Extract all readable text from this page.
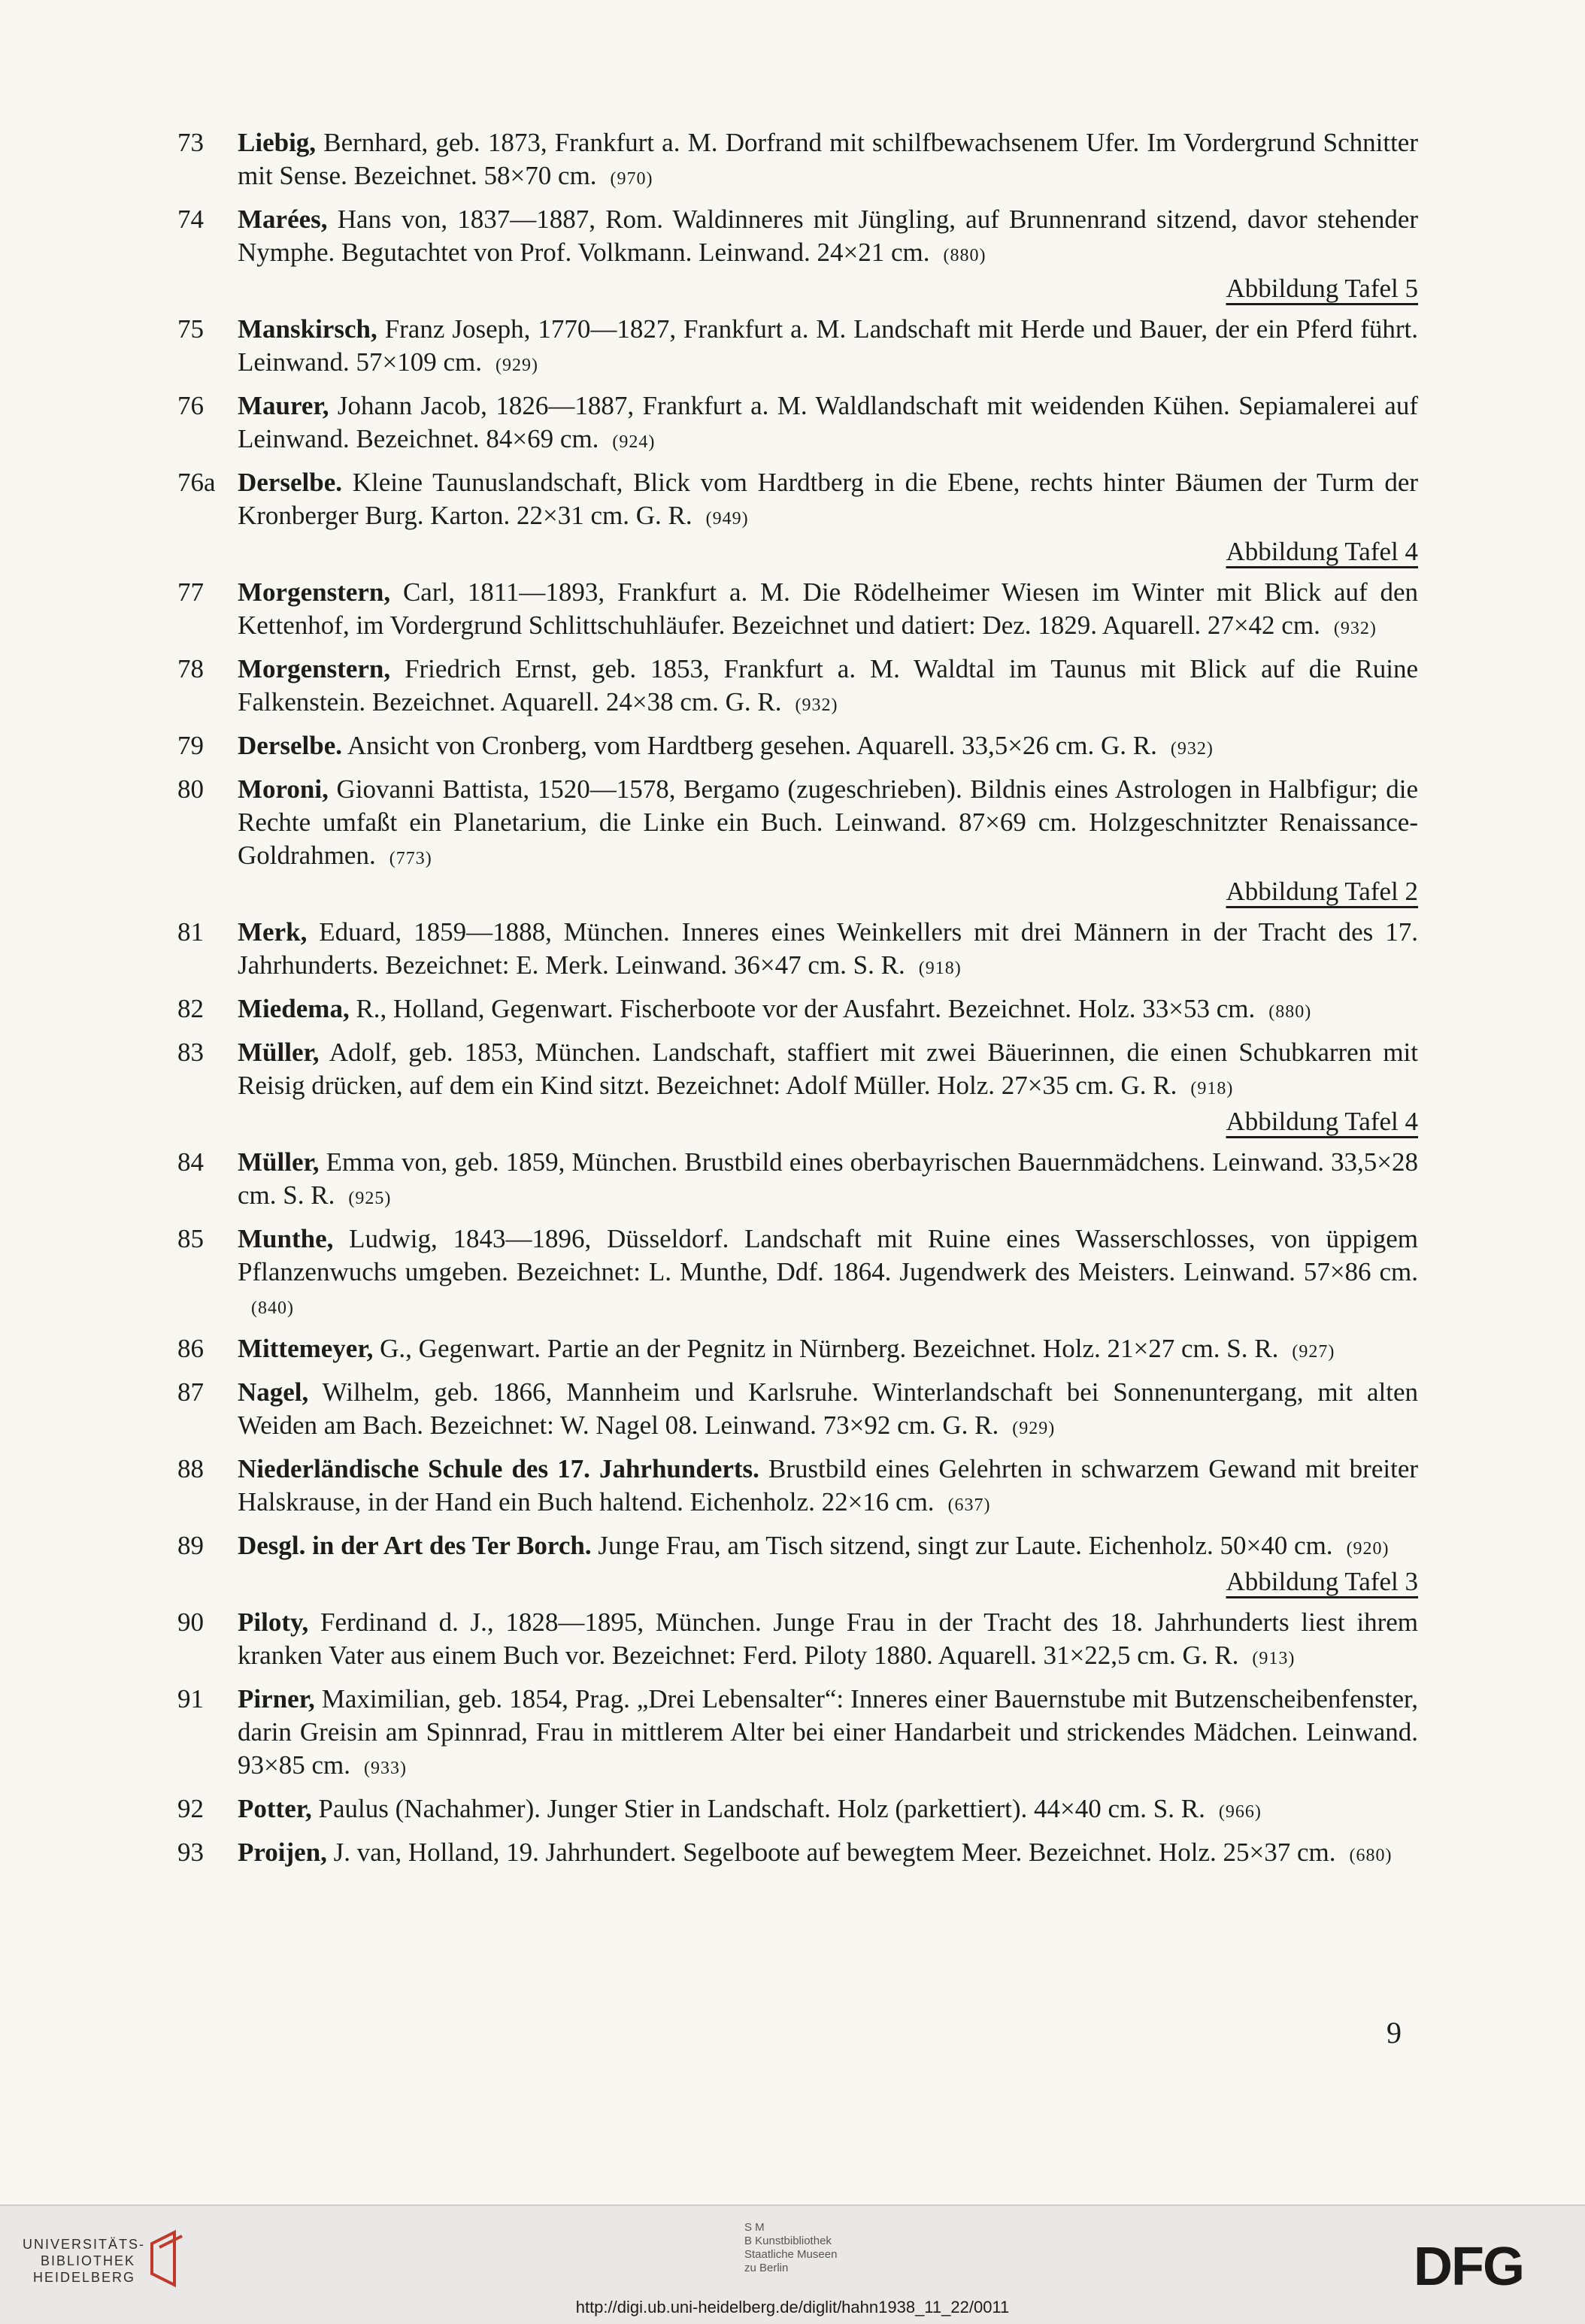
73	Liebig, Bernhard, geb. 1873, Frankfurt a. M. Dorfrand mit schilfbewachsenem Ufer. Im Vordergrund Schnitter mit Sense. Bezeichnet. 58×70 cm. (970)
74	Marées, Hans von, 1837—1887, Rom. Waldinneres mit Jüngling, auf Brunnenrand sitzend, davor stehender Nymphe. Begutachtet von Prof. Volkmann. Leinwand. 24×21 cm. (880)
Abbildung Tafel 5
75	Manskirsch, Franz Joseph, 1770—1827, Frankfurt a. M. Landschaft mit Herde und Bauer, der ein Pferd führt. Leinwand. 57×109 cm. (929)
76	Maurer, Johann Jacob, 1826—1887, Frankfurt a. M. Waldlandschaft mit weidenden Kühen. Sepiamalerei auf Leinwand. Bezeichnet. 84×69 cm. (924)
76a Derselbe. Kleine Taunuslandschaft, Blick vom Hardtberg in die Ebene, rechts hinter Bäumen der Turm der Kronberger Burg. Karton. 22×31 cm. G. R. (949)
Abbildung Tafel 4
77	Morgenstern, Carl, 1811—1893, Frankfurt a. M. Die Rödelheimer Wiesen im Winter mit Blick auf den Kettenhof, im Vordergrund Schlittschuhläufer. Bezeichnet und datiert: Dez. 1829. Aquarell. 27×42 cm. (932)
78	Morgenstern, Friedrich Ernst, geb. 1853, Frankfurt a. M. Waldtal im Taunus mit Blick auf die Ruine Falkenstein. Bezeichnet. Aquarell. 24×38 cm. G. R. (932)
79	Derselbe. Ansicht von Cronberg, vom Hardtberg gesehen. Aquarell. 33,5×26 cm. G. R. (932)
80	Moroni, Giovanni Battista, 1520—1578, Bergamo (zugeschrieben). Bildnis eines Astrologen in Halbfigur; die Rechte umfaßt ein Planetarium, die Linke ein Buch. Leinwand. 87×69 cm. Holzgeschnitzter Renaissance-Goldrahmen. (773)
Abbildung Tafel 2
81	Merk, Eduard, 1859—1888, München. Inneres eines Weinkellers mit drei Männern in der Tracht des 17. Jahrhunderts. Bezeichnet: E. Merk. Leinwand. 36×47 cm. S. R. (918)
82	Miedema, R., Holland, Gegenwart. Fischerboote vor der Ausfahrt. Bezeichnet. Holz. 33×53 cm. (880)
83	Müller, Adolf, geb. 1853, München. Landschaft, staffiert mit zwei Bäuerinnen, die einen Schubkarren mit Reisig drücken, auf dem ein Kind sitzt. Bezeichnet: Adolf Müller. Holz. 27×35 cm. G. R. (918)
Abbildung Tafel 4
84	Müller, Emma von, geb. 1859, München. Brustbild eines oberbayrischen Bauernmädchens. Leinwand. 33,5×28 cm. S. R. (925)
85	Munthe, Ludwig, 1843—1896, Düsseldorf. Landschaft mit Ruine eines Wasserschlosses, von üppigem Pflanzenwuchs umgeben. Bezeichnet: L. Munthe, Ddf. 1864. Jugendwerk des Meisters. Leinwand. 57×86 cm.(840)
86	Mittemeyer, G., Gegenwart. Partie an der Pegnitz in Nürnberg. Bezeichnet. Holz. 21×27 cm. S. R. (927)
87	Nagel, Wilhelm, geb. 1866, Mannheim und Karlsruhe. Winterlandschaft bei Sonnenuntergang, mit alten Weiden am Bach. Bezeichnet: W. Nagel 08. Leinwand. 73×92 cm. G. R. (929)
88	Niederländische Schule des 17. Jahrhunderts. Brustbild eines Gelehrten in schwarzem Gewand mit breiter Halskrause, in der Hand ein Buch haltend. Eichenholz. 22×16 cm. (637)
89	Desgl. in der Art des Ter Borch. Junge Frau, am Tisch sitzend, singt zur Laute. Eichenholz. 50×40 cm. (920)
Abbildung Tafel 3
90	Piloty, Ferdinand d. J., 1828—1895, München. Junge Frau in der Tracht des 18. Jahrhunderts liest ihrem kranken Vater aus einem Buch vor. Bezeichnet: Ferd. Piloty 1880. Aquarell. 31×22,5 cm. G. R. (913)
91	Pirner, Maximilian, geb. 1854, Prag. „Drei Lebensalter“: Inneres einer Bauernstube mit Butzenscheibenfenster, darin Greisin am Spinnrad, Frau in mittlerem Alter bei einer Handarbeit und strickendes Mädchen. Leinwand. 93×85 cm. (933)
92	Potter, Paulus (Nachahmer). Junger Stier in Landschaft. Holz (parkettiert). 44×40 cm. S. R. (966)
93	Proijen, J. van, Holland, 19. Jahrhundert. Segelboote auf bewegtem Meer. Bezeichnet. Holz. 25×37 cm. (680)
9
UNIVERSITÄTS-
BIBLIOTHEK
HEIDELBERG
S M
B Kunstbibliothek
Staatliche Museen
zu Berlin	DFG
http://digi.ub.uni-heidelberg.de/diglit/hahn1938_11_22/0011
